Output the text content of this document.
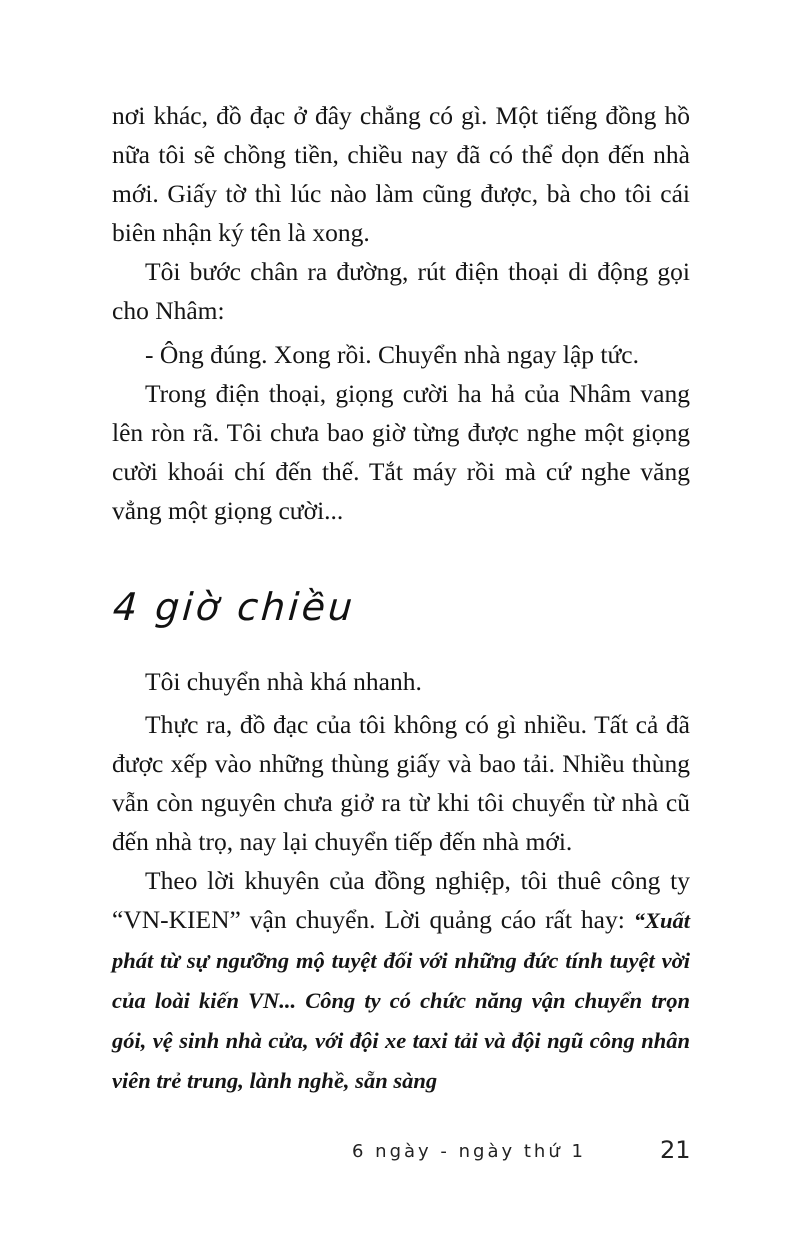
nơi khác, đồ đạc ở đây chẳng có gì. Một tiếng đồng hồ nữa tôi sẽ chồng tiền, chiều nay đã có thể dọn đến nhà mới. Giấy tờ thì lúc nào làm cũng được, bà cho tôi cái biên nhận ký tên là xong.
Tôi bước chân ra đường, rút điện thoại di động gọi cho Nhâm:
- Ông đúng. Xong rồi. Chuyển nhà ngay lập tức.
Trong điện thoại, giọng cười ha hả của Nhâm vang lên ròn rã. Tôi chưa bao giờ từng được nghe một giọng cười khoái chí đến thế. Tắt máy rồi mà cứ nghe văng vẳng một giọng cười...
4 giờ chiều
Tôi chuyển nhà khá nhanh.
Thực ra, đồ đạc của tôi không có gì nhiều. Tất cả đã được xếp vào những thùng giấy và bao tải. Nhiều thùng vẫn còn nguyên chưa giở ra từ khi tôi chuyển từ nhà cũ đến nhà trọ, nay lại chuyển tiếp đến nhà mới.
Theo lời khuyên của đồng nghiệp, tôi thuê công ty “VN-KIEN” vận chuyển. Lời quảng cáo rất hay: “Xuất phát từ sự ngưỡng mộ tuyệt đối với những đức tính tuyệt vời của loài kiến VN... Công ty có chức năng vận chuyển trọn gói, vệ sinh nhà cửa, với đội xe taxi tải và đội ngũ công nhân viên trẻ trung, lành nghề, sẵn sàng
6 ngày - ngày thứ 1	21
